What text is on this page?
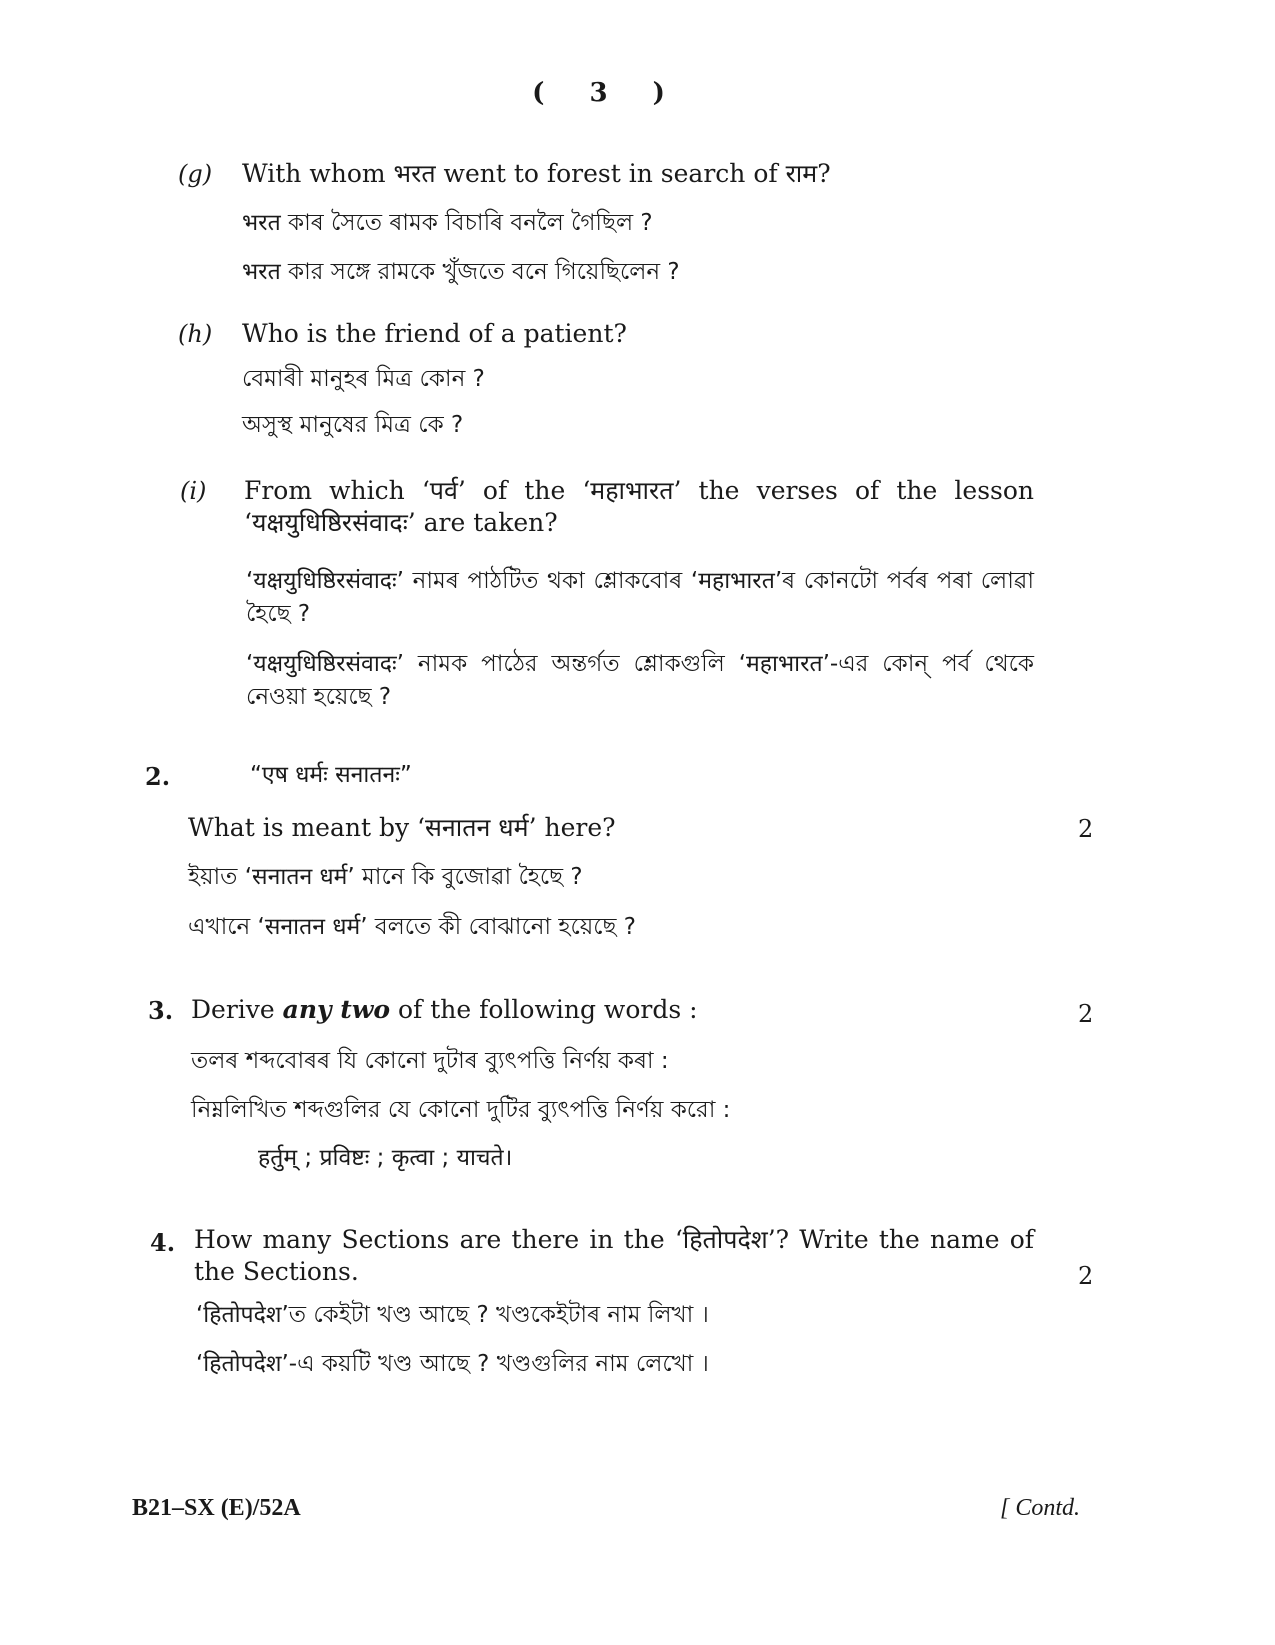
( 3 )
(g) With whom भरत went to forest in search of राम?
भरत কাৰ সৈতে ৰামক বিচাৰি বনলৈ গৈছিল ?
भरत কার সঙ্গে রামকে খুঁজতে বনে গিয়েছিলেন ?
(h) Who is the friend of a patient?
বেমাৰী মানুহৰ মিত্ৰ কোন ?
অসুস্থ মানুষের মিত্র কে ?
(i) From which ‘पर्व’ of the ‘महाभारत’ the verses of the lesson ‘यक्षयुधिष्ठिरसंवादः’ are taken?
‘यक्षयुधिष्ठिरसंवादः’ নামৰ পাঠটিত থকা শ্লোকবোৰ ‘महाभारत’ৰ কোনটো পৰ্বৰ পৰা লোৱা হৈছে ?
‘यक्षयुधिष्ठिरसंवादः’ নামক পাঠের অন্তর্গত শ্লোকগুলি ‘महाभारत’-এর কোন্ পর্ব থেকে নেওয়া হয়েছে ?
2.	“एष धर्मः सनातनः”
What is meant by ‘सनातन धर्म’ here?	2
ইয়াত ‘सनातन धर्म’ মানে কি বুজোৱা হৈছে ?
এখানে ‘सनातन धर्म’ বলতে কী বোঝানো হয়েছে ?
3. Derive any two of the following words :	2
তলৰ শব্দবোৰৰ যি কোনো দুটাৰ ব্যুৎপত্তি নিৰ্ণয় কৰা :
নিম্নলিখিত শব্দগুলির যে কোনো দুটির ব্যুৎপত্তি নির্ণয় করো :
हर्तुम् ; प्रविष्टः ; कृत्वा ; याचते।
4. How many Sections are there in the ‘हितोपदेश’? Write the name of the Sections.	2
‘हितोपदेश’ত কেইটা খণ্ড আছে ? খণ্ডকেইটাৰ নাম লিখা ।
‘हितोपदेश’-এ কয়টি খণ্ড আছে ? খণ্ডগুলির নাম লেখো ।
B21–SX (E)/52A	[ Contd.
